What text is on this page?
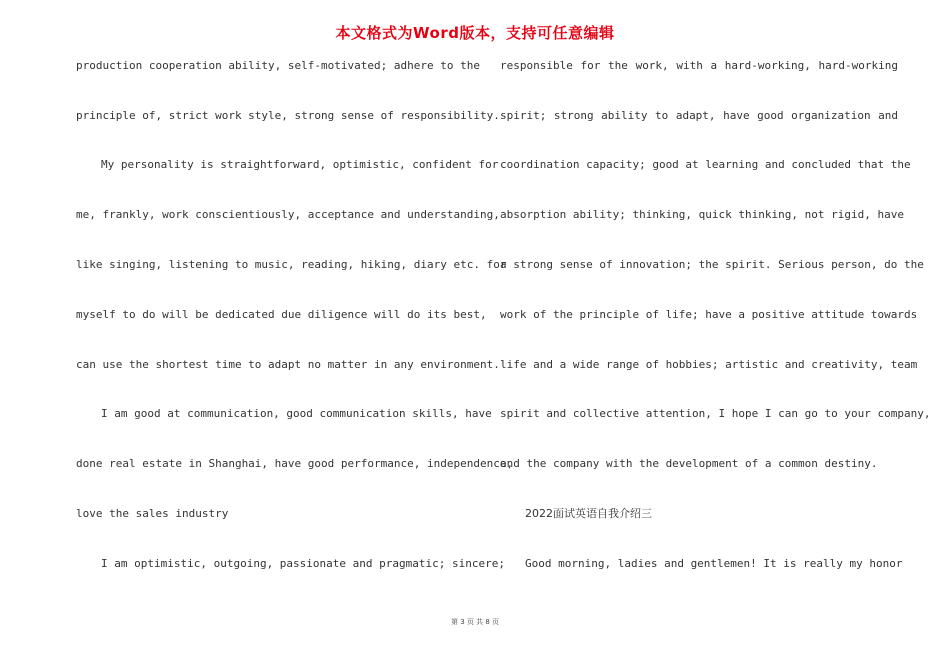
本文格式为Word版本，支持可任意编辑
production cooperation ability, self-motivated; adhere to the
principle of, strict work style, strong sense of responsibility.
My personality is straightforward, optimistic, confident for
me, frankly, work conscientiously, acceptance and understanding,
like singing, listening to music, reading, hiking, diary etc. for
myself to do will be dedicated due diligence will do its best,
can use the shortest time to adapt no matter in any environment.
I am good at communication, good communication skills, have
done real estate in Shanghai, have good performance, independence,
love the sales industry
I am optimistic, outgoing, passionate and pragmatic; sincere;
responsible for the work, with a hard-working, hard-working
spirit; strong ability to adapt, have good organization and
coordination capacity; good at learning and concluded that the
absorption ability; thinking, quick thinking, not rigid, have
a strong sense of innovation; the spirit. Serious person, do the
work of the principle of life; have a positive attitude towards
life and a wide range of hobbies; artistic and creativity, team
spirit and collective attention, I hope I can go to your company,
and the company with the development of a common destiny.
2022面试英语自我介绍三
Good morning, ladies and gentlemen! It is really my honor
第 3 页 共 8 页
